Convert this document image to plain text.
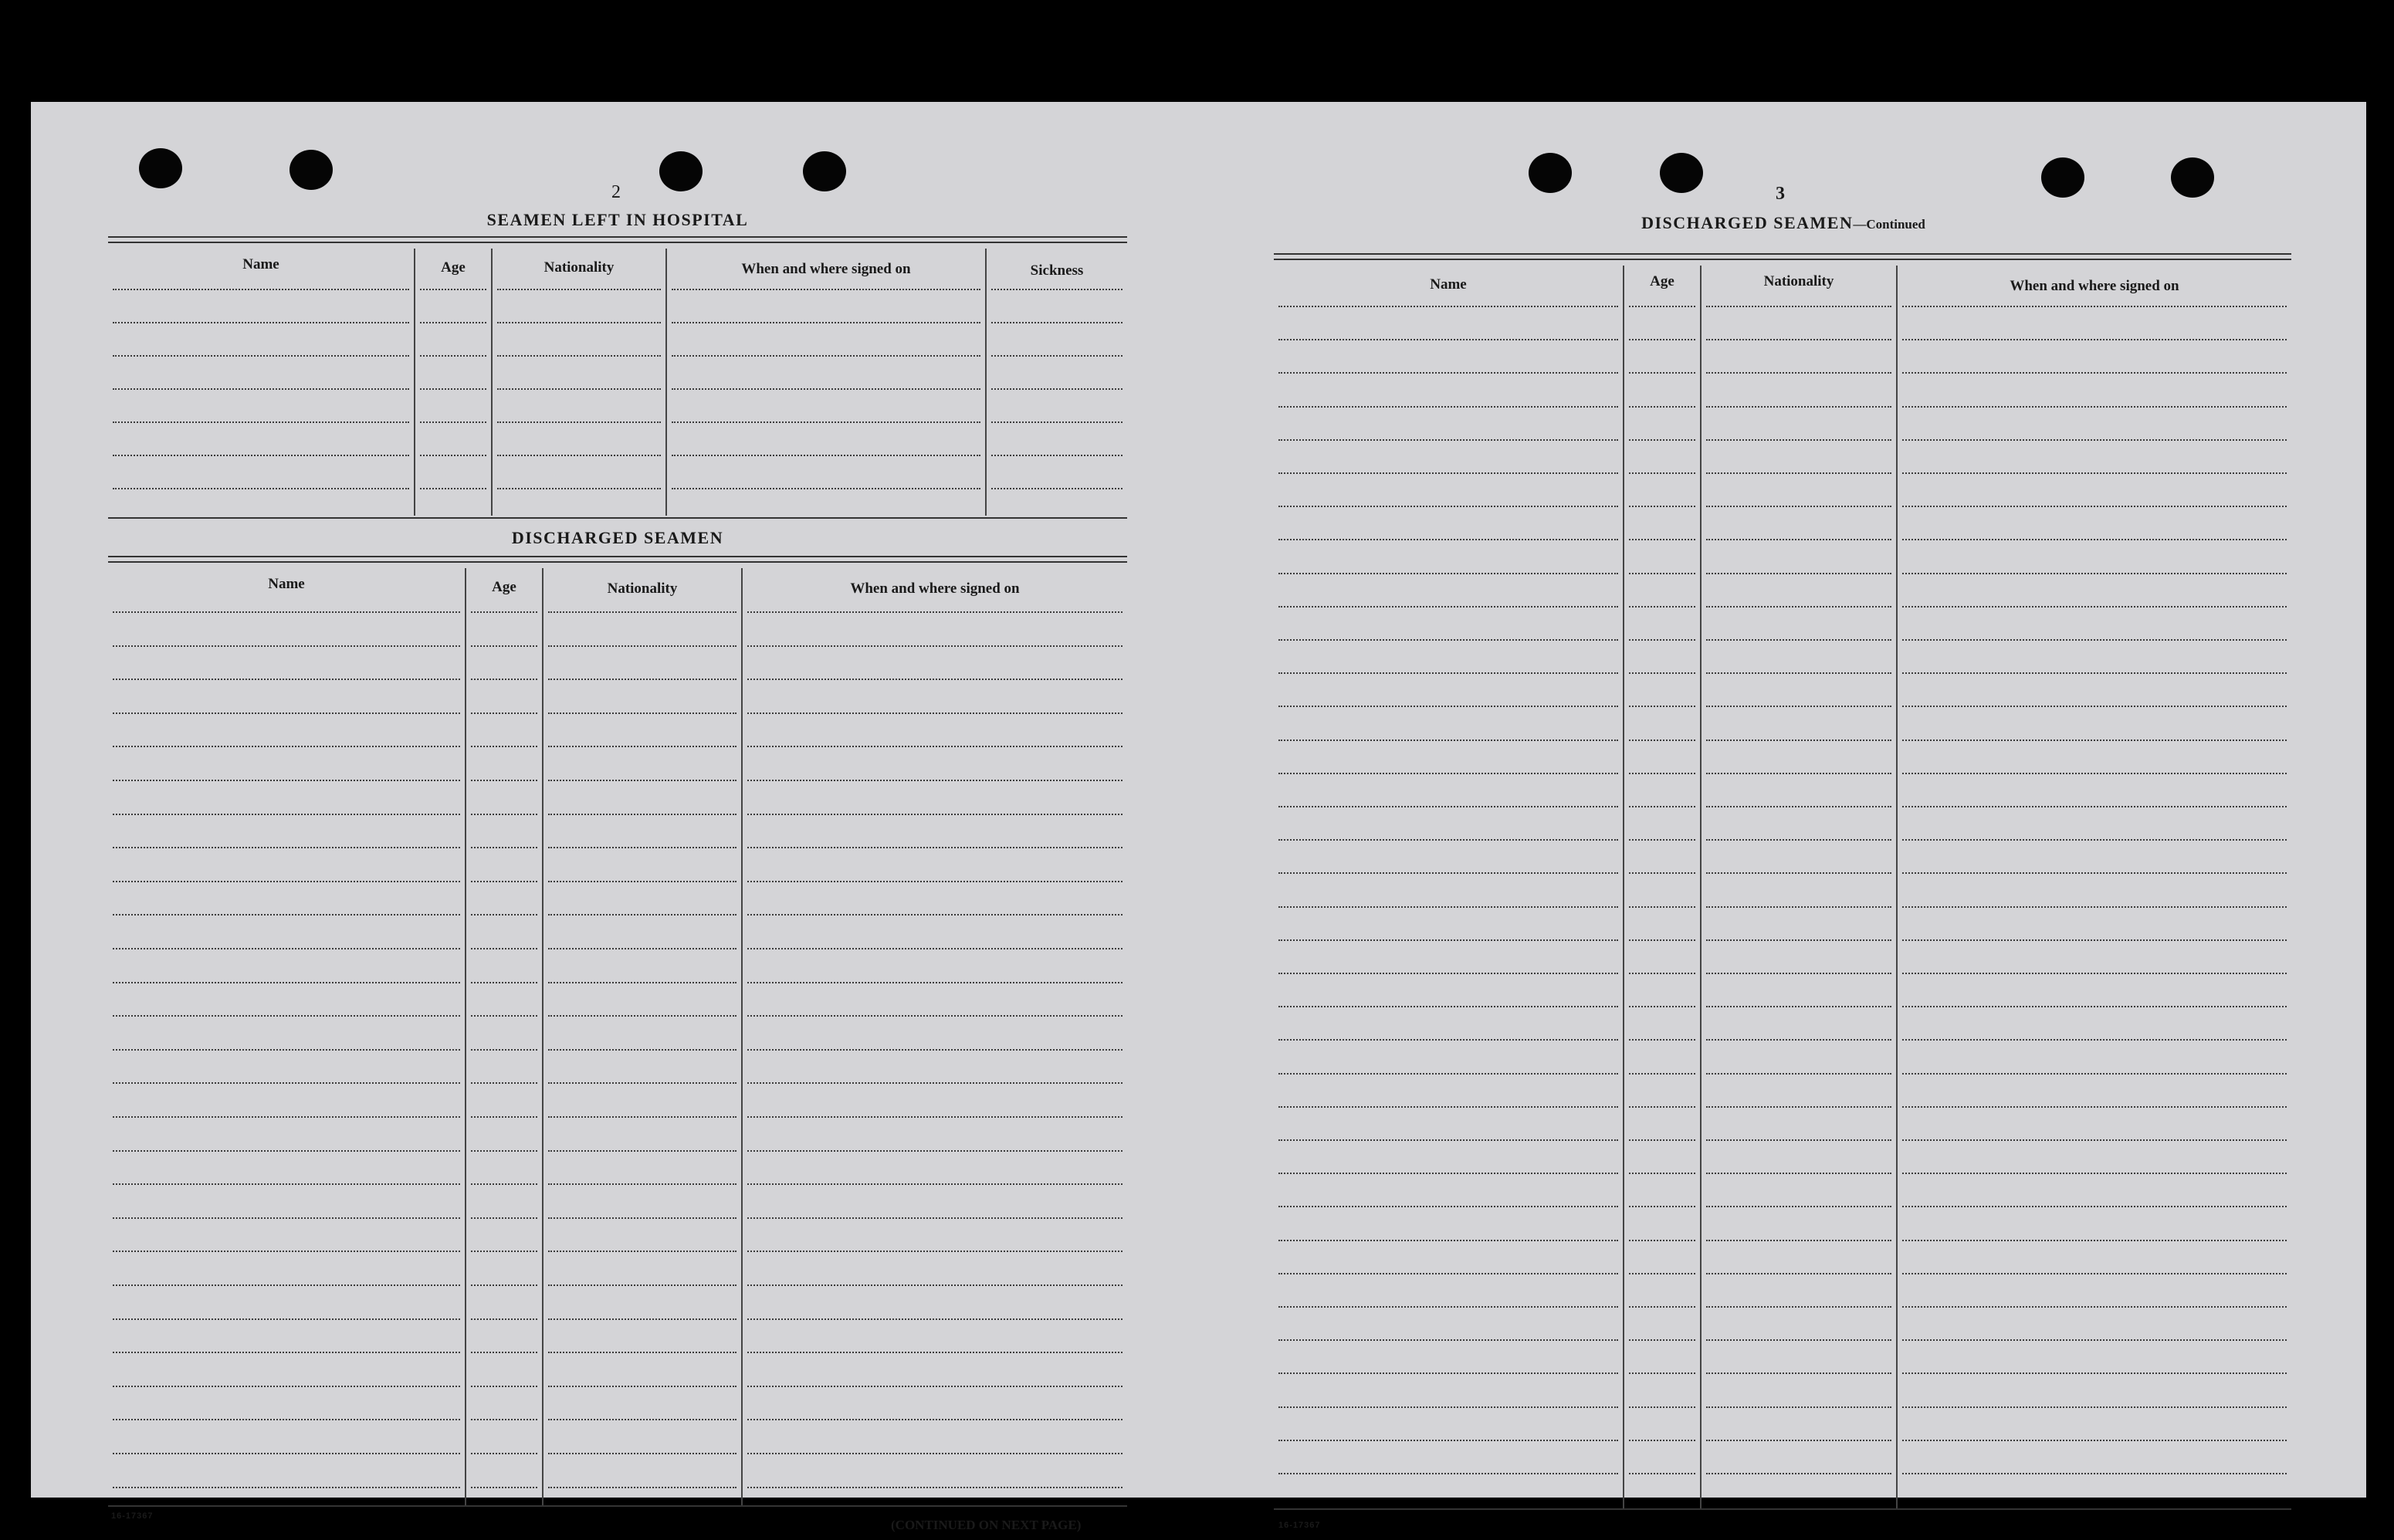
2
SEAMEN LEFT IN HOSPITAL
Name	Age	Nationality	When and where signed on	Sickness
DISCHARGED SEAMEN
Name	Age	Nationality	When and where signed on
16-17367
(CONTINUED ON NEXT PAGE)
3
DISCHARGED SEAMEN—Continued
Name	Age	Nationality	When and where signed on
16-17367
